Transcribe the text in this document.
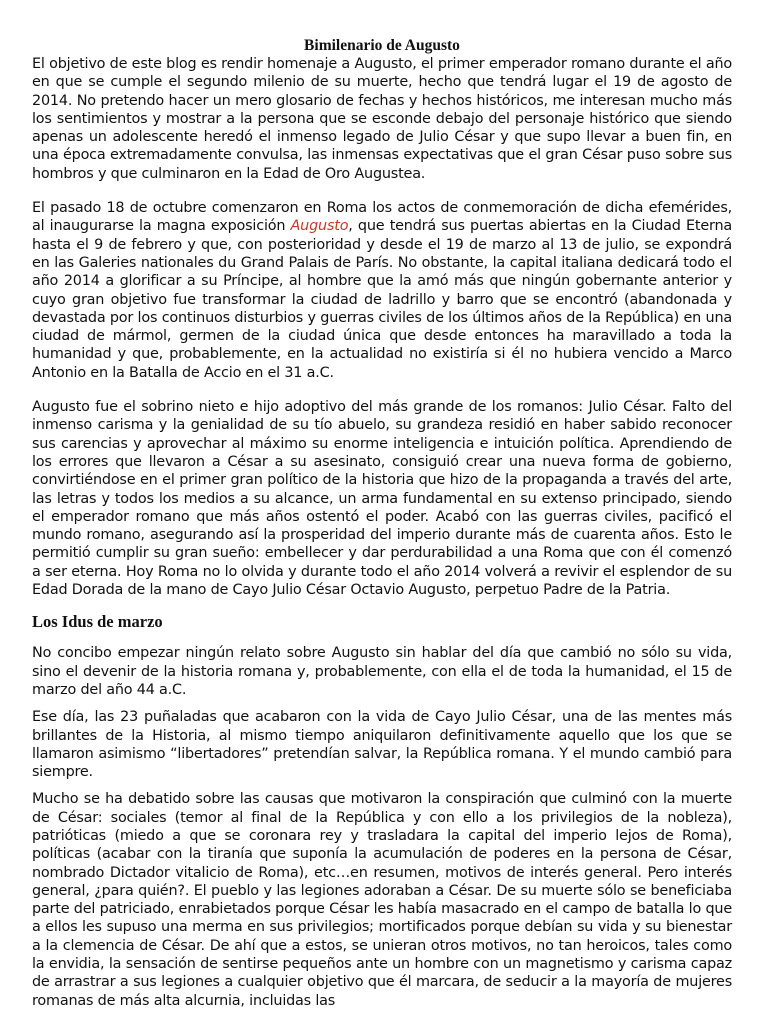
Bimilenario de Augusto

El objetivo de este blog es rendir homenaje a Augusto, el primer emperador romano durante el año en que se cumple el segundo milenio de su muerte, hecho que tendrá lugar el 19 de agosto de 2014. No pretendo hacer un mero glosario de fechas y hechos históricos, me interesan mucho más los sentimientos y mostrar a la persona que se esconde debajo del personaje histórico que siendo apenas un adolescente heredó el inmenso legado de Julio César y que supo llevar a buen fin, en una época extremadamente convulsa, las inmensas expectativas que el gran César puso sobre sus hombros y que culminaron en la Edad de Oro Augustea.

El pasado 18 de octubre comenzaron en Roma los actos de conmemoración de dicha efemérides, al inaugurarse la magna exposición Augusto, que tendrá sus puertas abiertas en la Ciudad Eterna hasta el 9 de febrero y que, con posterioridad y desde el 19 de marzo al 13 de julio, se expondrá en las Galeries nationales du Grand Palais de París. No obstante, la capital italiana dedicará todo el año 2014 a glorificar a su Príncipe, al hombre que la amó más que ningún gobernante anterior y cuyo gran objetivo fue transformar la ciudad de ladrillo y barro que se encontró (abandonada y devastada por los continuos disturbios y guerras civiles de los últimos años de la República) en una ciudad de mármol, germen de la ciudad única que desde entonces ha maravillado a toda la humanidad y que, probablemente, en la actualidad no existiría si él no hubiera vencido a Marco Antonio en la Batalla de Accio en el 31 a.C.

Augusto fue el sobrino nieto e hijo adoptivo del más grande de los romanos: Julio César. Falto del inmenso carisma y la genialidad de su tío abuelo, su grandeza residió en haber sabido reconocer sus carencias y aprovechar al máximo su enorme inteligencia e intuición política. Aprendiendo de los errores que llevaron a César a su asesinato, consiguió crear una nueva forma de gobierno, convirtiéndose en el primer gran político de la historia que hizo de la propaganda a través del arte, las letras y todos los medios a su alcance, un arma fundamental en su extenso principado, siendo el emperador romano que más años ostentó el poder. Acabó con las guerras civiles, pacificó el mundo romano, asegurando así la prosperidad del imperio durante más de cuarenta años. Esto le permitió cumplir su gran sueño: embellecer y dar perdurabilidad a una Roma que con él comenzó a ser eterna. Hoy Roma no lo olvida y durante todo el año 2014 volverá a revivir el esplendor de su Edad Dorada de la mano de Cayo Julio César Octavio Augusto, perpetuo Padre de la Patria.

Los Idus de marzo

No concibo empezar ningún relato sobre Augusto sin hablar del día que cambió no sólo su vida, sino el devenir de la historia romana y, probablemente, con ella el de toda la humanidad, el 15 de marzo del año 44 a.C.

Ese día, las 23 puñaladas que acabaron con la vida de Cayo Julio César, una de las mentes más brillantes de la Historia, al mismo tiempo aniquilaron definitivamente aquello que los que se llamaron asimismo “libertadores” pretendían salvar, la República romana. Y el mundo cambió para siempre.

Mucho se ha debatido sobre las causas que motivaron la conspiración que culminó con la muerte de César: sociales (temor al final de la República y con ello a los privilegios de la nobleza), patrióticas (miedo a que se coronara rey y trasladara la capital del imperio lejos de Roma), políticas (acabar con la tiranía que suponía la acumulación de poderes en la persona de César, nombrado Dictador vitalicio de Roma), etc…en resumen, motivos de interés general. Pero interés general, ¿para quién?. El pueblo y las legiones adoraban a César. De su muerte sólo se beneficiaba parte del patriciado, enrabietados porque César les había masacrado en el campo de batalla lo que a ellos les supuso una merma en sus privilegios; mortificados porque debían su vida y su bienestar a la clemencia de César. De ahí que a estos, se unieran otros motivos, no tan heroicos, tales como la envidia, la sensación de sentirse pequeños ante un hombre con un magnetismo y carisma capaz de arrastrar a sus legiones a cualquier objetivo que él marcara, de seducir a la mayoría de mujeres romanas de más alta alcurnia, incluidas las
